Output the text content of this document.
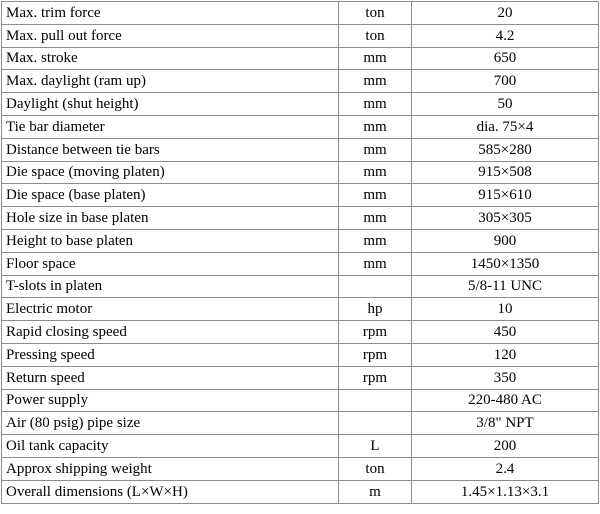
Max. trim force	ton	20
Max. pull out force	ton	4.2
Max. stroke	mm	650
Max. daylight (ram up)	mm	700
Daylight (shut height)	mm	50
Tie bar diameter	mm	dia. 75×4
Distance between tie bars	mm	585×280
Die space (moving platen)	mm	915×508
Die space (base platen)	mm	915×610
Hole size in base platen	mm	305×305
Height to base platen	mm	900
Floor space	mm	1450×1350
T-slots in platen		5/8-11 UNC
Electric motor	hp	10
Rapid closing speed	rpm	450
Pressing speed	rpm	120
Return speed	rpm	350
Power supply		220-480 AC
Air (80 psig) pipe size		3/8" NPT
Oil tank capacity	L	200
Approx shipping weight	ton	2.4
Overall dimensions (L×W×H)	m	1.45×1.13×3.1
